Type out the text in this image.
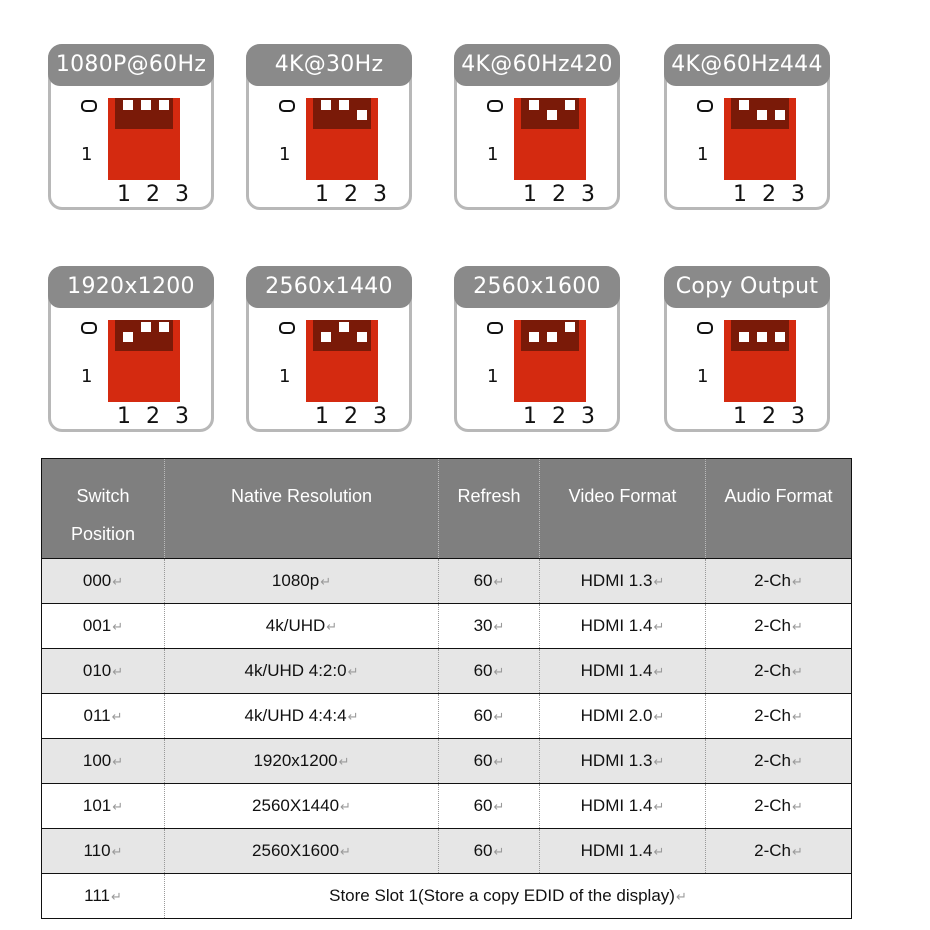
1080P@60Hz
1
1 2 3
4K@30Hz
1
1 2 3
4K@60Hz420
1
1 2 3
4K@60Hz444
1
1 2 3
1920x1200
1
1 2 3
2560x1440
1
1 2 3
2560x1600
1
1 2 3
Copy Output
1
1 2 3
Switch Position	Native Resolution	Refresh	Video Format	Audio Format
000↵	1080p↵	60↵	HDMI 1.3↵	2-Ch↵
001↵	4k/UHD↵	30↵	HDMI 1.4↵	2-Ch↵
010↵	4k/UHD 4:2:0↵	60↵	HDMI 1.4↵	2-Ch↵
011↵	4k/UHD 4:4:4↵	60↵	HDMI 2.0↵	2-Ch↵
100↵	1920x1200↵	60↵	HDMI 1.3↵	2-Ch↵
101↵	2560X1440↵	60↵	HDMI 1.4↵	2-Ch↵
110↵	2560X1600↵	60↵	HDMI 1.4↵	2-Ch↵
111↵	Store Slot 1(Store a copy EDID of the display)↵			
